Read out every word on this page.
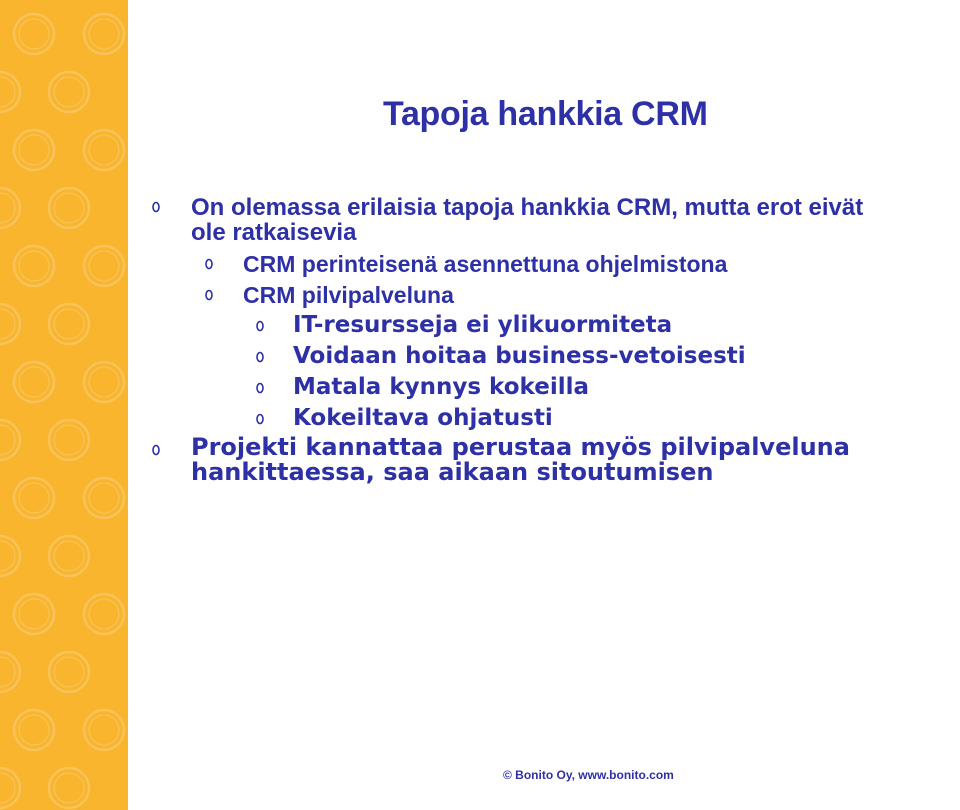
Tapoja hankkia CRM
On olemassa erilaisia tapoja hankkia CRM, mutta erot eivät
ole ratkaisevia
CRM perinteisenä asennettuna ohjelmistona
CRM pilvipalveluna
IT-resursseja ei ylikuormiteta
Voidaan hoitaa business-vetoisesti
Matala kynnys kokeilla
Kokeiltava ohjatusti
Projekti kannattaa perustaa myös pilvipalveluna
hankittaessa, saa aikaan sitoutumisen
© Bonito Oy, www.bonito.com
